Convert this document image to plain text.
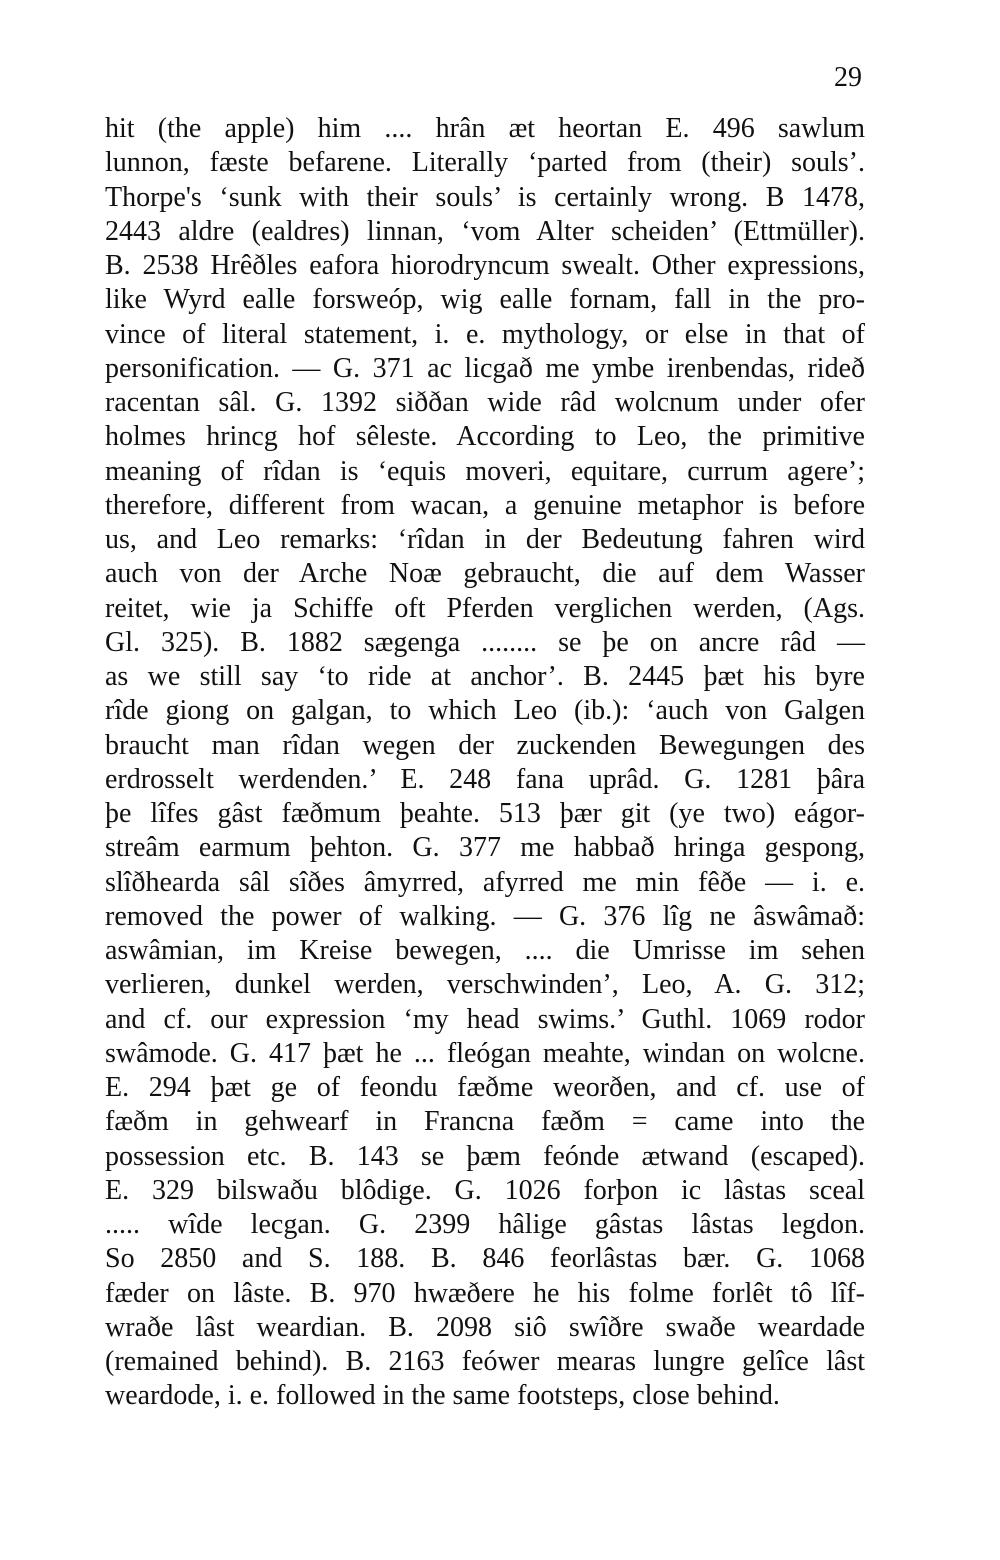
29
hit (the apple) him .... hrân æt heortan E. 496 sawlum
lunnon, fæste befarene. Literally ‘parted from (their) souls’.
Thorpe's ‘sunk with their souls’ is certainly wrong. B 1478,
2443 aldre (ealdres) linnan, ‘vom Alter scheiden’ (Ettmüller).
B. 2538 Hrêðles eafora hiorodryncum swealt. Other expressions,
like Wyrd ealle forsweóp, wig ealle fornam, fall in the pro-
vince of literal statement, i. e. mythology, or else in that of
personification. — G. 371 ac licgað me ymbe irenbendas, rideð
racentan sâl. G. 1392 siððan wide râd wolcnum under ofer
holmes hrincg hof sêleste. According to Leo, the primitive
meaning of rîdan is ‘equis moveri, equitare, currum agere’;
therefore, different from wacan, a genuine metaphor is before
us, and Leo remarks: ‘rîdan in der Bedeutung fahren wird
auch von der Arche Noæ gebraucht, die auf dem Wasser
reitet, wie ja Schiffe oft Pferden verglichen werden, (Ags.
Gl. 325). B. 1882 sægenga ........ se þe on ancre râd —
as we still say ‘to ride at anchor’. B. 2445 þæt his byre
rîde giong on galgan, to which Leo (ib.): ‘auch von Galgen
braucht man rîdan wegen der zuckenden Bewegungen des
erdrosselt werdenden.’ E. 248 fana uprâd. G. 1281 þâra
þe lîfes gâst fæðmum þeahte. 513 þær git (ye two) eágor-
streâm earmum þehton. G. 377 me habbað hringa gespong,
slîðhearda sâl sîðes âmyrred, afyrred me min fêðe — i. e.
removed the power of walking. — G. 376 lîg ne âswâmað:
aswâmian, im Kreise bewegen, .... die Umrisse im sehen
verlieren, dunkel werden, verschwinden’, Leo, A. G. 312;
and cf. our expression ‘my head swims.’ Guthl. 1069 rodor
swâmode. G. 417 þæt he ... fleógan meahte, windan on wolcne.
E. 294 þæt ge of feondu fæðme weorðen, and cf. use of
fæðm in gehwearf in Francna fæðm = came into the
possession etc. B. 143 se þæm feónde ætwand (escaped).
E. 329 bilswaðu blôdige. G. 1026 forþon ic lâstas sceal
..... wîde lecgan. G. 2399 hâlige gâstas lâstas legdon.
So 2850 and S. 188. B. 846 feorlâstas bær. G. 1068
fæder on lâste. B. 970 hwæðere he his folme forlêt tô lîf-
wraðe lâst weardian. B. 2098 siô swîðre swaðe weardade
(remained behind). B. 2163 feówer mearas lungre gelîce lâst
weardode, i. e. followed in the same footsteps, close behind.
